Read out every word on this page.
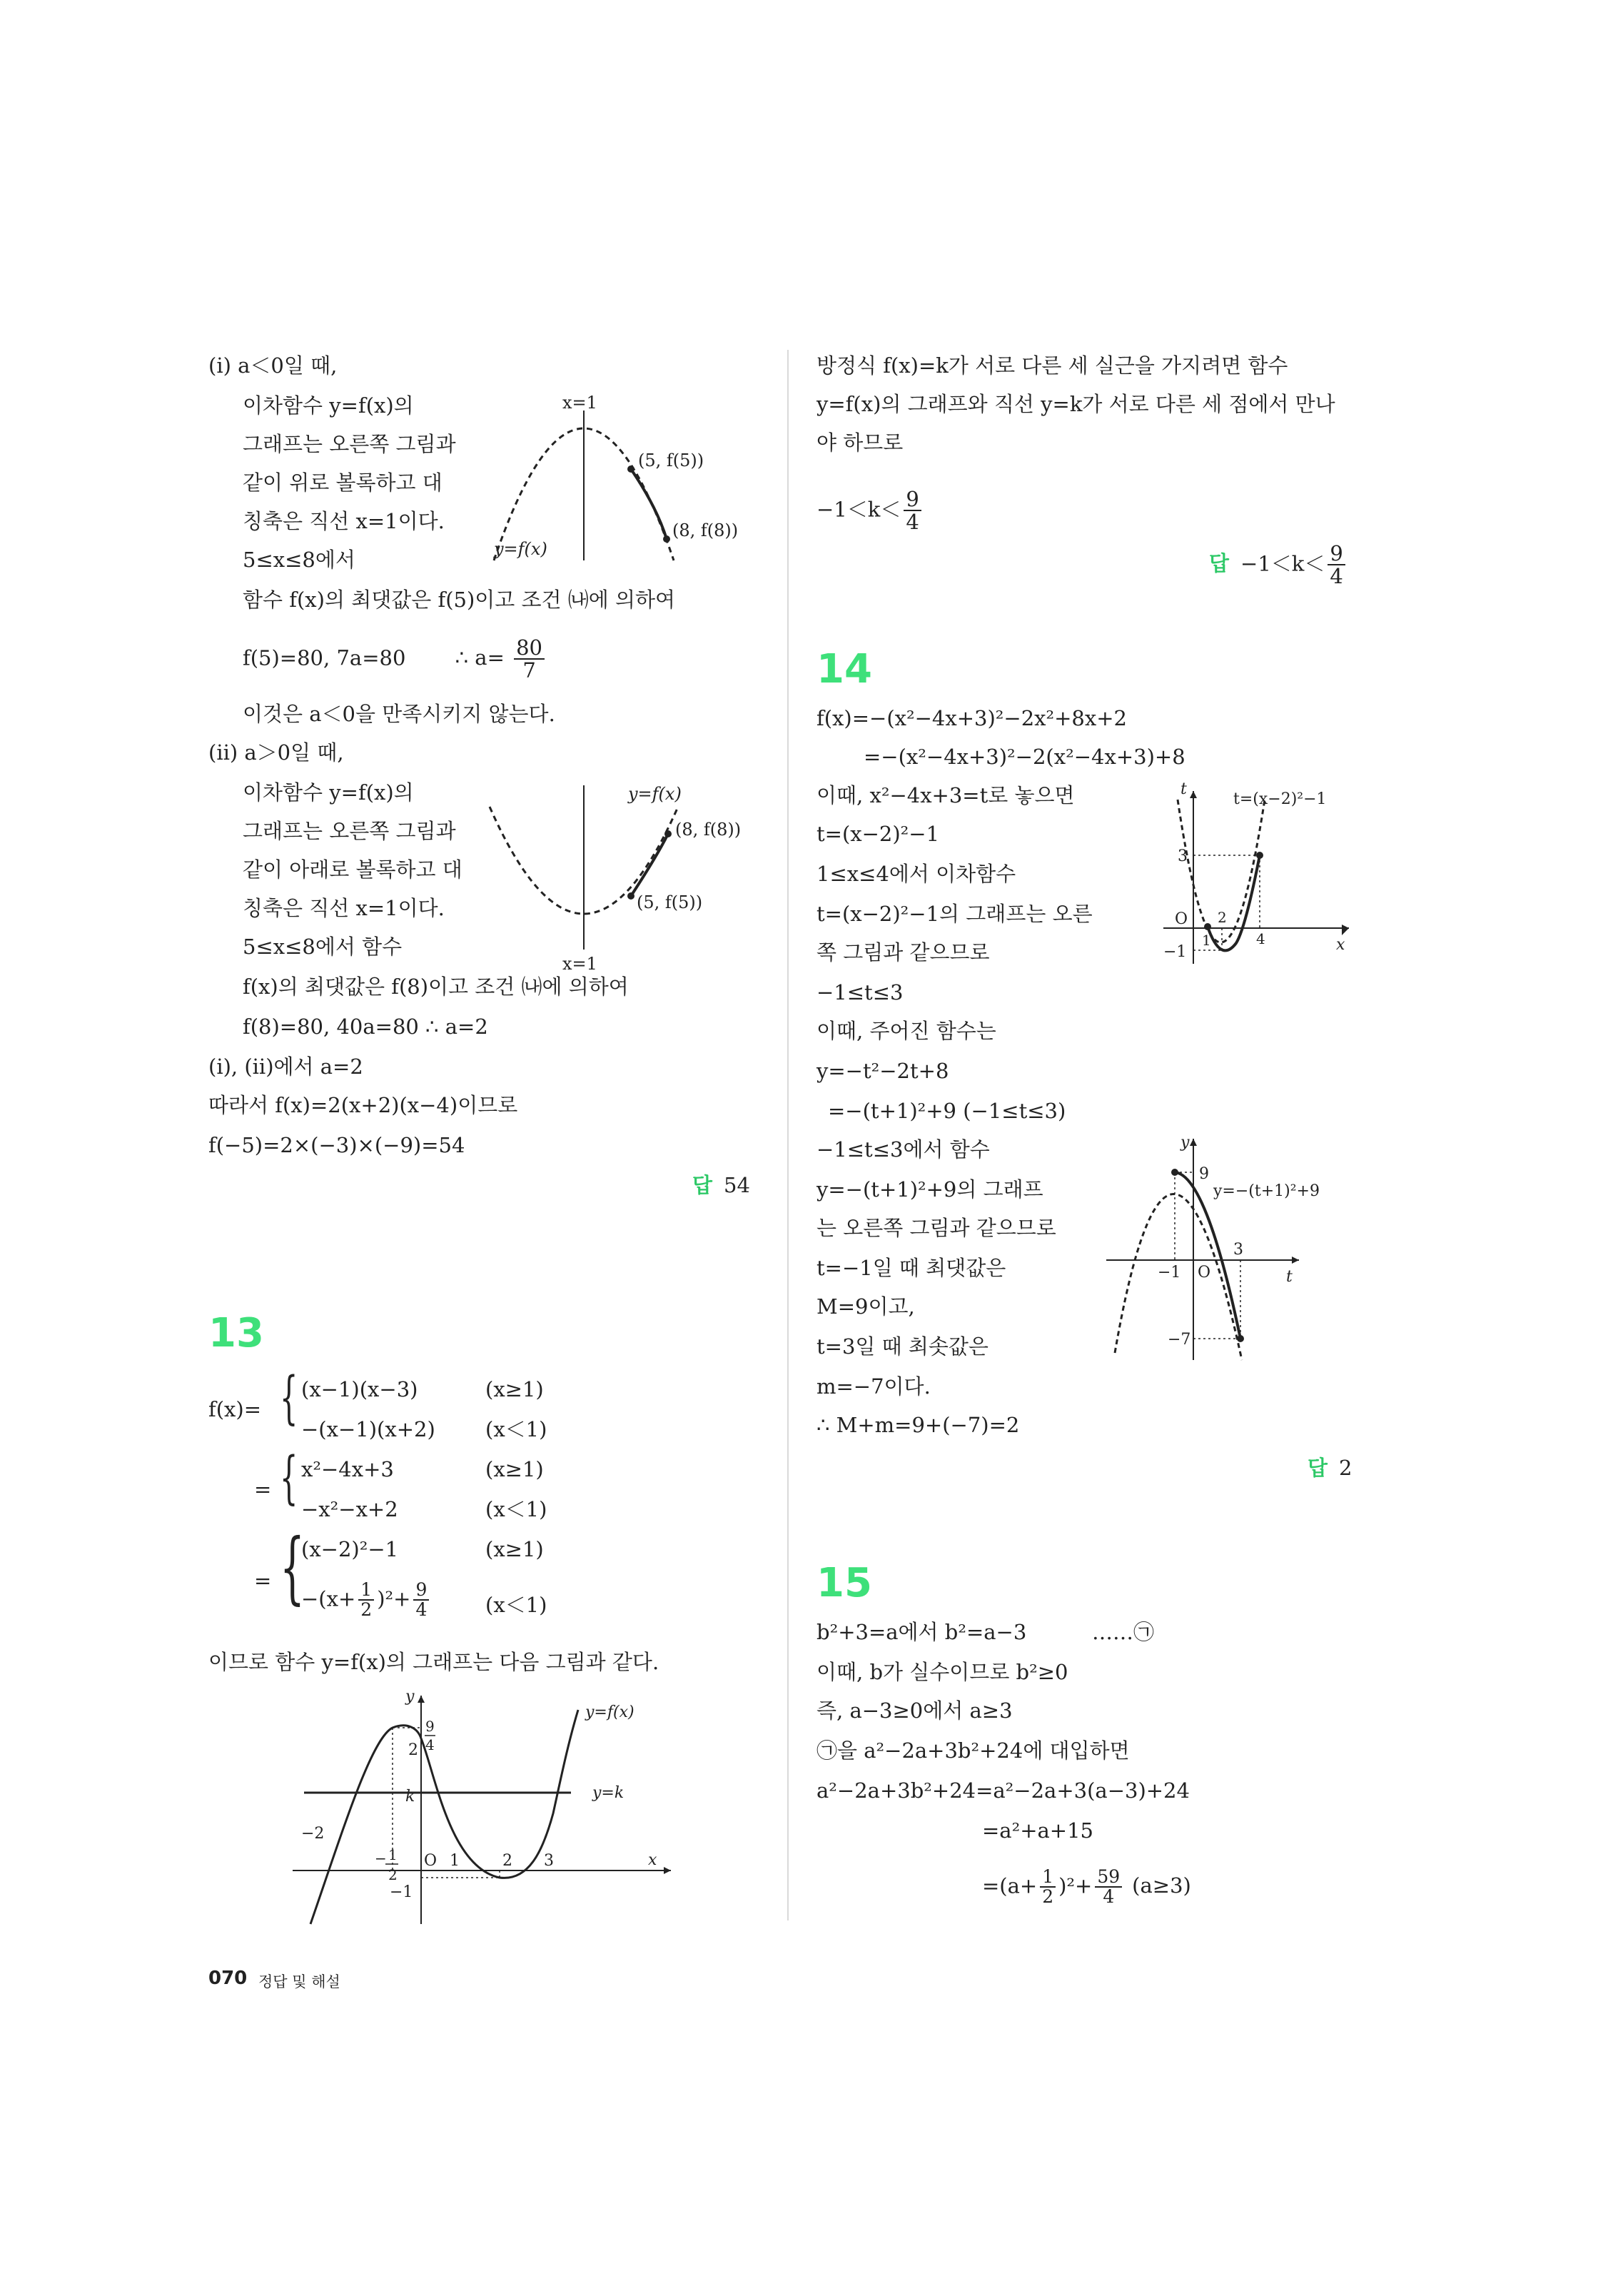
(ⅰ) a＜0일 때,
이차함수 y=f(x)의
그래프는 오른쪽 그림과
같이 위로 볼록하고 대
칭축은 직선 x=1이다.
5≤x≤8에서
함수 f(x)의 최댓값은 f(5)이고 조건 ㈏에 의하여
f(5)=80, 7a=80 ∴ $a= \frac{80}{7}$
이것은 a＜0을 만족시키지 않는다.
x=1
(5, f(5))
(8, f(8))
y=f(x)
(ⅱ) a＞0일 때,
이차함수 y=f(x)의
그래프는 오른쪽 그림과
같이 아래로 볼록하고 대
칭축은 직선 x=1이다.
5≤x≤8에서 함수
f(x)의 최댓값은 f(8)이고 조건 ㈏에 의하여
f(8)=80, 40a=80 ∴ a=2
y=f(x)
(8, f(8))
(5, f(5))
x=1
(ⅰ), (ⅱ)에서 a=2
따라서 f(x)=2(x+2)(x−4)이므로
f(−5)=2×(−3)×(−9)=54
답 54
13
f(x)= { (x−1)(x−3)	(x≥1)
−(x−1)(x+2) (x＜1)
= { x²−4x+3	(x≥1)
−x²−x+2	(x＜1)
= {
(x−2)²−1	(x≥1)
$-(x+ \frac{1}{2} )^2+ \frac{9}{4}$	(x＜1)
이므로 함수 y=f(x)의 그래프는 다음 그림과 같다.
y
x
O
y=f(x)
y=k
k
2
9
4
−2
1	2 3
−1
− 1
2
방정식 f(x)=k가 서로 다른 세 실근을 가지려면 함수
y=f(x)의 그래프와 직선 y=k가 서로 다른 세 점에서 만나
야 하므로
$-1<k< \frac{9}{4}$
답 $-1<k< \frac{9}{4}$
14
f(x)=−(x²−4x+3)²−2x²+8x+2
=−(x²−4x+3)²−2(x²−4x+3)+8
이때, x²−4x+3=t로 놓으면
t=(x−2)²−1
1≤x≤4에서 이차함수
t=(x−2)²−1의 그래프는 오른
쪽 그림과 같으므로
−1≤t≤3
이때, 주어진 함수는
y=−t²−2t+8
=−(t+1)²+9 (−1≤t≤3)
−1≤t≤3에서 함수
y=−(t+1)²+9의 그래프
는 오른쪽 그림과 같으므로
t=−1일 때 최댓값은
M=9이고,
t=3일 때 최솟값은
m=−7이다.
∴ M+m=9+(−7)=2
답 2
t
x
O
t=(x−2)²−1
3
−1
1
2
4
y
t
O
y=−(t+1)²+9
9
3
−1
−7
15
b²+3=a에서 b²=a−3	……㉠
이때, b가 실수이므로 b²≥0
즉, a−3≥0에서 a≥3
㉠을 a²−2a+3b²+24에 대입하면
a²−2a+3b²+24=a²−2a+3(a−3)+24
=a²+a+15
$=(a+ \frac{1}{2} )^2+ \frac{59}{4} (a\ge 3)$
070 정답 및 해설
